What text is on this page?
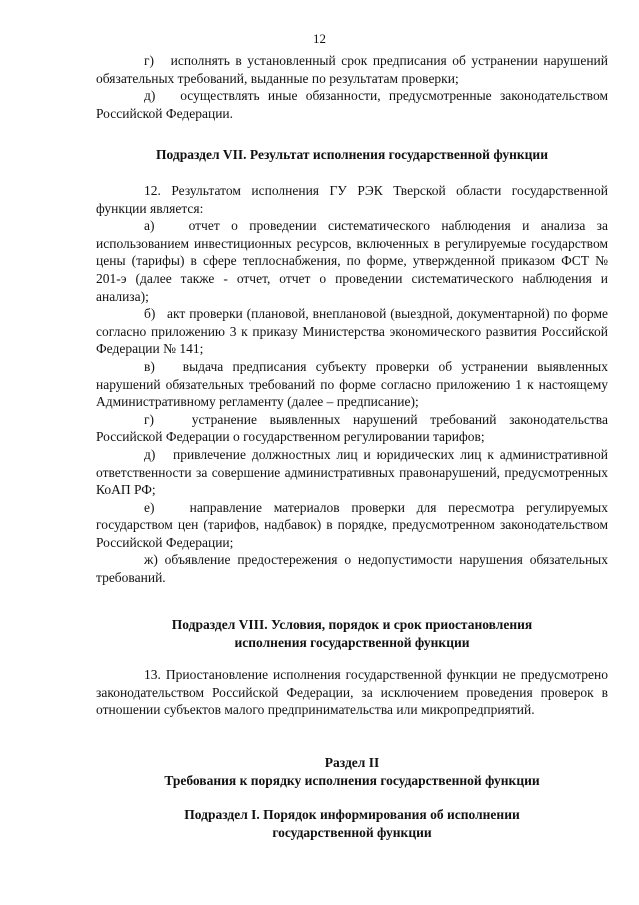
12

г)   исполнять в установленный срок предписания об устранении нарушений обязательных требований, выданные по результатам проверки;

д)   осуществлять иные обязанности, предусмотренные законодательством Российской Федерации.

Подраздел VII. Результат исполнения государственной функции

12. Результатом исполнения ГУ РЭК Тверской области государственной функции является:

а)   отчет о проведении систематического наблюдения и анализа за использованием инвестиционных ресурсов, включенных в регулируемые государством цены (тарифы) в сфере теплоснабжения, по форме, утвержденной приказом ФСТ № 201-э (далее также - отчет, отчет о проведении систематического наблюдения и анализа);

б)   акт проверки (плановой, внеплановой (выездной, документарной) по форме согласно приложению 3 к приказу Министерства экономического развития Российской Федерации № 141;

в)   выдача предписания субъекту проверки об устранении выявленных нарушений обязательных требований по форме согласно приложению 1 к настоящему Административному регламенту (далее – предписание);

г)   устранение выявленных нарушений требований законодательства Российской Федерации о государственном регулировании тарифов;

д)   привлечение должностных лиц и юридических лиц к административной ответственности за совершение административных правонарушений, предусмотренных КоАП РФ;

е)   направление материалов проверки для пересмотра регулируемых государством цен (тарифов, надбавок) в порядке, предусмотренном законодательством Российской Федерации;

ж) объявление предостережения о недопустимости нарушения обязательных требований.

Подраздел VIII. Условия, порядок и срок приостановления

исполнения государственной функции

13. Приостановление исполнения государственной функции не предусмотрено законодательством Российской Федерации, за исключением проведения проверок в отношении субъектов малого предпринимательства или микропредприятий.

Раздел II

Требования к порядку исполнения государственной функции

Подраздел I. Порядок информирования об исполнении

государственной функции
